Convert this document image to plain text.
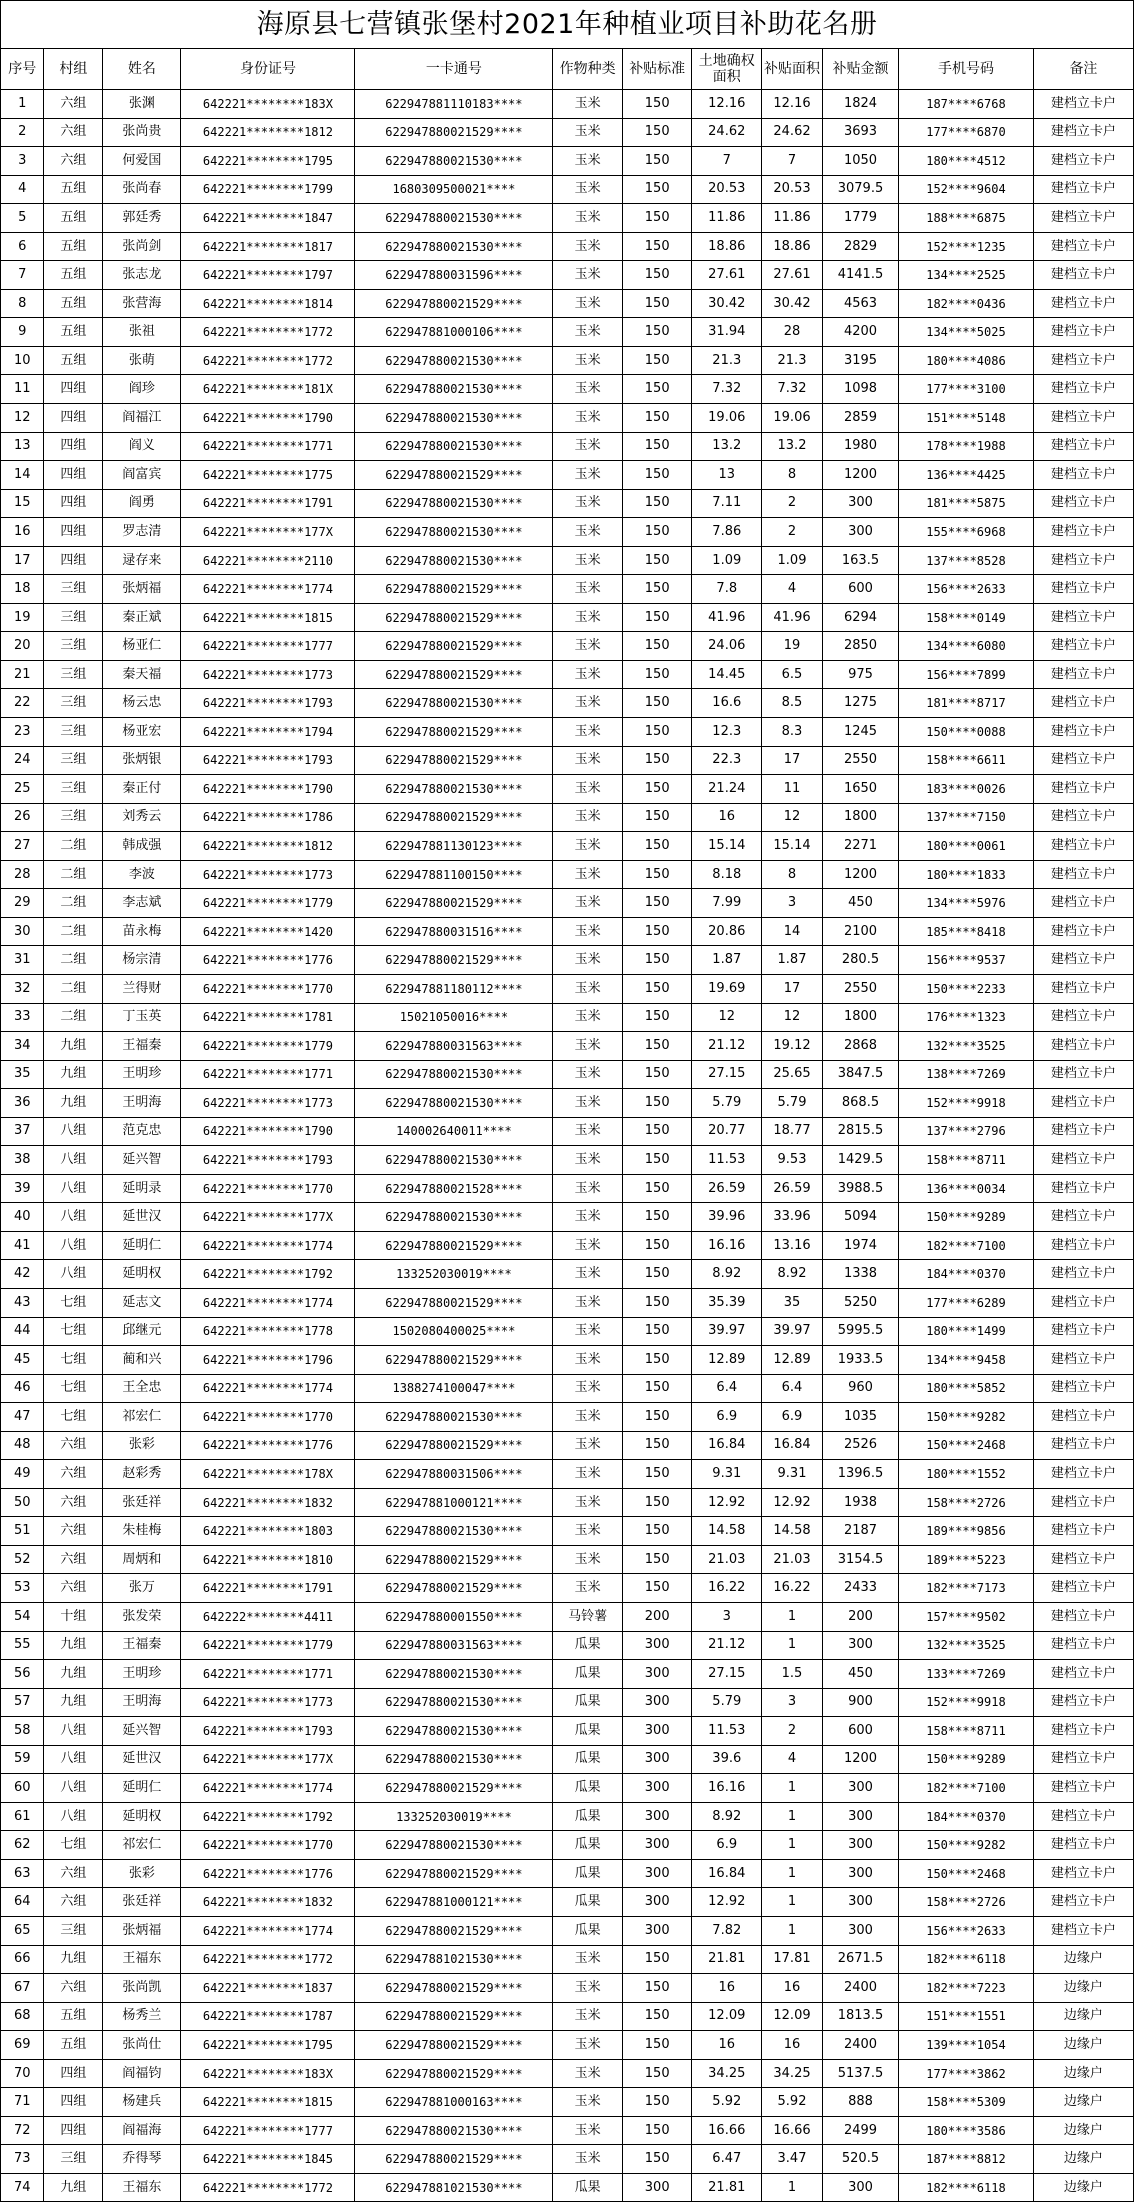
海原县七营镇张堡村2021年种植业项目补助花名册
序号	村组	姓名	身份证号	一卡通号	作物种类	补贴标准	土地确权面积	补贴面积	补贴金额	手机号码	备注
1	六组	张渊	642221********183X	622947881110183****	玉米	150	12.16	12.16	1824	187****6768	建档立卡户
2	六组	张尚贵	642221********1812	622947880021529****	玉米	150	24.62	24.62	3693	177****6870	建档立卡户
3	六组	何爱国	642221********1795	622947880021530****	玉米	150	7	7	1050	180****4512	建档立卡户
4	五组	张尚春	642221********1799	1680309500021****	玉米	150	20.53	20.53	3079.5	152****9604	建档立卡户
5	五组	郭廷秀	642221********1847	622947880021530****	玉米	150	11.86	11.86	1779	188****6875	建档立卡户
6	五组	张尚剑	642221********1817	622947880021530****	玉米	150	18.86	18.86	2829	152****1235	建档立卡户
7	五组	张志龙	642221********1797	622947880031596****	玉米	150	27.61	27.61	4141.5	134****2525	建档立卡户
8	五组	张营海	642221********1814	622947880021529****	玉米	150	30.42	30.42	4563	182****0436	建档立卡户
9	五组	张祖	642221********1772	622947881000106****	玉米	150	31.94	28	4200	134****5025	建档立卡户
10	五组	张萌	642221********1772	622947880021530****	玉米	150	21.3	21.3	3195	180****4086	建档立卡户
11	四组	阎珍	642221********181X	622947880021530****	玉米	150	7.32	7.32	1098	177****3100	建档立卡户
12	四组	阎福江	642221********1790	622947880021530****	玉米	150	19.06	19.06	2859	151****5148	建档立卡户
13	四组	阎义	642221********1771	622947880021530****	玉米	150	13.2	13.2	1980	178****1988	建档立卡户
14	四组	阎富宾	642221********1775	622947880021529****	玉米	150	13	8	1200	136****4425	建档立卡户
15	四组	阎勇	642221********1791	622947880021530****	玉米	150	7.11	2	300	181****5875	建档立卡户
16	四组	罗志清	642221********177X	622947880021530****	玉米	150	7.86	2	300	155****6968	建档立卡户
17	四组	逯存来	642221********2110	622947880021530****	玉米	150	1.09	1.09	163.5	137****8528	建档立卡户
18	三组	张炳福	642221********1774	622947880021529****	玉米	150	7.8	4	600	156****2633	建档立卡户
19	三组	秦正斌	642221********1815	622947880021529****	玉米	150	41.96	41.96	6294	158****0149	建档立卡户
20	三组	杨亚仁	642221********1777	622947880021529****	玉米	150	24.06	19	2850	134****6080	建档立卡户
21	三组	秦天福	642221********1773	622947880021529****	玉米	150	14.45	6.5	975	156****7899	建档立卡户
22	三组	杨云忠	642221********1793	622947880021530****	玉米	150	16.6	8.5	1275	181****8717	建档立卡户
23	三组	杨亚宏	642221********1794	622947880021529****	玉米	150	12.3	8.3	1245	150****0088	建档立卡户
24	三组	张炳银	642221********1793	622947880021529****	玉米	150	22.3	17	2550	158****6611	建档立卡户
25	三组	秦正付	642221********1790	622947880021530****	玉米	150	21.24	11	1650	183****0026	建档立卡户
26	三组	刘秀云	642221********1786	622947880021529****	玉米	150	16	12	1800	137****7150	建档立卡户
27	二组	韩成强	642221********1812	622947881130123****	玉米	150	15.14	15.14	2271	180****0061	建档立卡户
28	二组	李波	642221********1773	622947881100150****	玉米	150	8.18	8	1200	180****1833	建档立卡户
29	二组	李志斌	642221********1779	622947880021529****	玉米	150	7.99	3	450	134****5976	建档立卡户
30	二组	苗永梅	642221********1420	622947880031516****	玉米	150	20.86	14	2100	185****8418	建档立卡户
31	二组	杨宗清	642221********1776	622947880021529****	玉米	150	1.87	1.87	280.5	156****9537	建档立卡户
32	二组	兰得财	642221********1770	622947881180112****	玉米	150	19.69	17	2550	150****2233	建档立卡户
33	二组	丁玉英	642221********1781	15021050016****	玉米	150	12	12	1800	176****1323	建档立卡户
34	九组	王福秦	642221********1779	622947880031563****	玉米	150	21.12	19.12	2868	132****3525	建档立卡户
35	九组	王明珍	642221********1771	622947880021530****	玉米	150	27.15	25.65	3847.5	138****7269	建档立卡户
36	九组	王明海	642221********1773	622947880021530****	玉米	150	5.79	5.79	868.5	152****9918	建档立卡户
37	八组	范克忠	642221********1790	140002640011****	玉米	150	20.77	18.77	2815.5	137****2796	建档立卡户
38	八组	延兴智	642221********1793	622947880021530****	玉米	150	11.53	9.53	1429.5	158****8711	建档立卡户
39	八组	延明录	642221********1770	622947880021528****	玉米	150	26.59	26.59	3988.5	136****0034	建档立卡户
40	八组	延世汉	642221********177X	622947880021530****	玉米	150	39.96	33.96	5094	150****9289	建档立卡户
41	八组	延明仁	642221********1774	622947880021529****	玉米	150	16.16	13.16	1974	182****7100	建档立卡户
42	八组	延明权	642221********1792	133252030019****	玉米	150	8.92	8.92	1338	184****0370	建档立卡户
43	七组	延志文	642221********1774	622947880021529****	玉米	150	35.39	35	5250	177****6289	建档立卡户
44	七组	邱继元	642221********1778	1502080400025****	玉米	150	39.97	39.97	5995.5	180****1499	建档立卡户
45	七组	蔺和兴	642221********1796	622947880021529****	玉米	150	12.89	12.89	1933.5	134****9458	建档立卡户
46	七组	王全忠	642221********1774	1388274100047****	玉米	150	6.4	6.4	960	180****5852	建档立卡户
47	七组	祁宏仁	642221********1770	622947880021530****	玉米	150	6.9	6.9	1035	150****9282	建档立卡户
48	六组	张彩	642221********1776	622947880021529****	玉米	150	16.84	16.84	2526	150****2468	建档立卡户
49	六组	赵彩秀	642221********178X	622947880031506****	玉米	150	9.31	9.31	1396.5	180****1552	建档立卡户
50	六组	张廷祥	642221********1832	622947881000121****	玉米	150	12.92	12.92	1938	158****2726	建档立卡户
51	六组	朱桂梅	642221********1803	622947880021530****	玉米	150	14.58	14.58	2187	189****9856	建档立卡户
52	六组	周炳和	642221********1810	622947880021529****	玉米	150	21.03	21.03	3154.5	189****5223	建档立卡户
53	六组	张万	642221********1791	622947880021529****	玉米	150	16.22	16.22	2433	182****7173	建档立卡户
54	十组	张发荣	642222********4411	622947880001550****	马铃薯	200	3	1	200	157****9502	建档立卡户
55	九组	王福秦	642221********1779	622947880031563****	瓜果	300	21.12	1	300	132****3525	建档立卡户
56	九组	王明珍	642221********1771	622947880021530****	瓜果	300	27.15	1.5	450	133****7269	建档立卡户
57	九组	王明海	642221********1773	622947880021530****	瓜果	300	5.79	3	900	152****9918	建档立卡户
58	八组	延兴智	642221********1793	622947880021530****	瓜果	300	11.53	2	600	158****8711	建档立卡户
59	八组	延世汉	642221********177X	622947880021530****	瓜果	300	39.6	4	1200	150****9289	建档立卡户
60	八组	延明仁	642221********1774	622947880021529****	瓜果	300	16.16	1	300	182****7100	建档立卡户
61	八组	延明权	642221********1792	133252030019****	瓜果	300	8.92	1	300	184****0370	建档立卡户
62	七组	祁宏仁	642221********1770	622947880021530****	瓜果	300	6.9	1	300	150****9282	建档立卡户
63	六组	张彩	642221********1776	622947880021529****	瓜果	300	16.84	1	300	150****2468	建档立卡户
64	六组	张廷祥	642221********1832	622947881000121****	瓜果	300	12.92	1	300	158****2726	建档立卡户
65	三组	张炳福	642221********1774	622947880021529****	瓜果	300	7.82	1	300	156****2633	建档立卡户
66	九组	王福东	642221********1772	622947881021530****	玉米	150	21.81	17.81	2671.5	182****6118	边缘户
67	六组	张尚凯	642221********1837	622947880021529****	玉米	150	16	16	2400	182****7223	边缘户
68	五组	杨秀兰	642221********1787	622947880021529****	玉米	150	12.09	12.09	1813.5	151****1551	边缘户
69	五组	张尚仕	642221********1795	622947880021529****	玉米	150	16	16	2400	139****1054	边缘户
70	四组	阎福钧	642221********183X	622947880021529****	玉米	150	34.25	34.25	5137.5	177****3862	边缘户
71	四组	杨建兵	642221********1815	622947881000163****	玉米	150	5.92	5.92	888	158****5309	边缘户
72	四组	阎福海	642221********1777	622947880021530****	玉米	150	16.66	16.66	2499	180****3586	边缘户
73	三组	乔得琴	642221********1845	622947880021529****	玉米	150	6.47	3.47	520.5	187****8812	边缘户
74	九组	王福东	642221********1772	622947881021530****	瓜果	300	21.81	1	300	182****6118	边缘户
